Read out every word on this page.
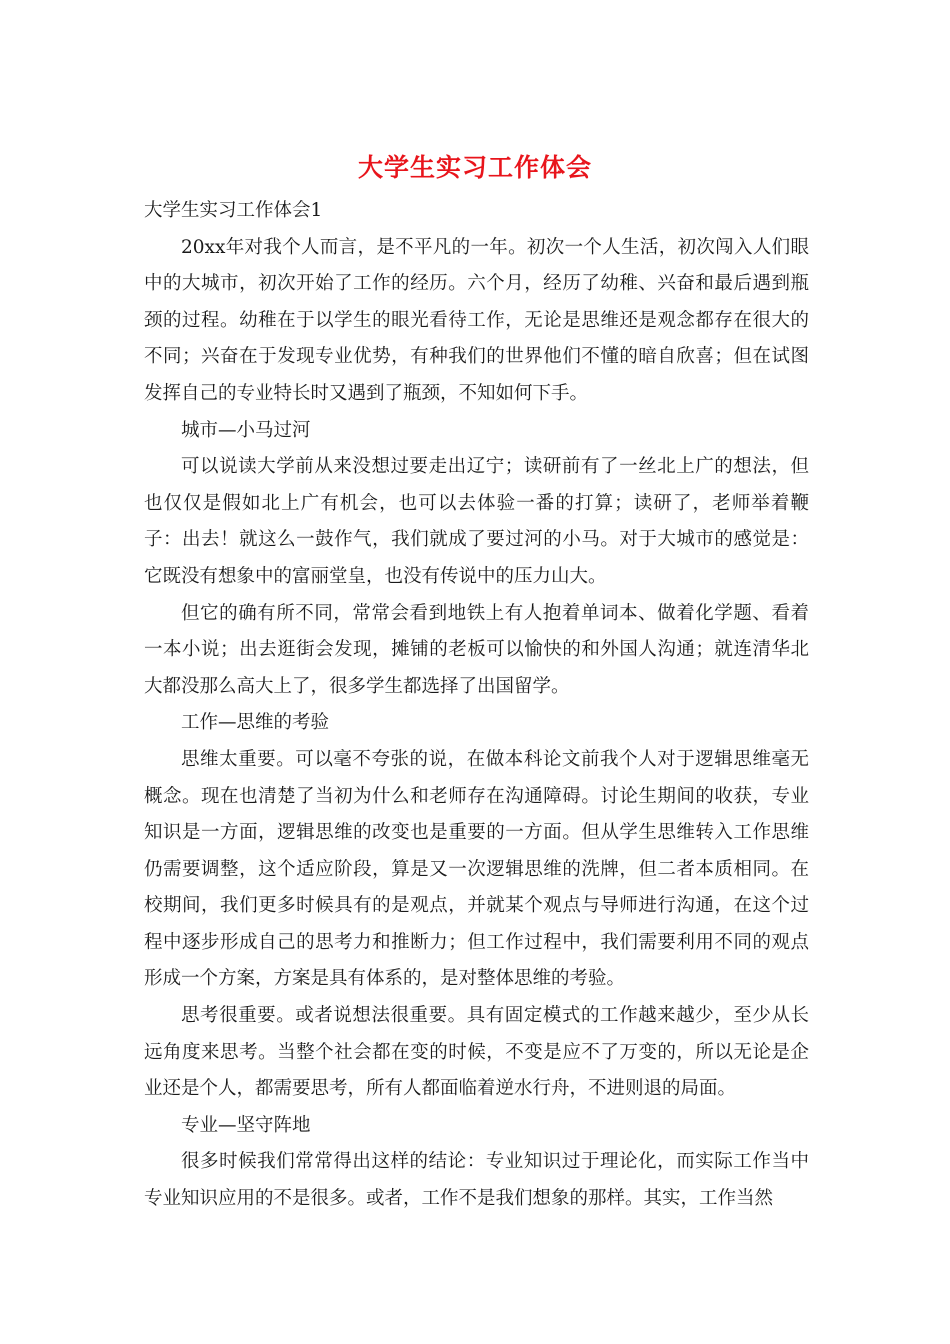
大学生实习工作体会

大学生实习工作体会1

20xx年对我个人而言，是不平凡的一年。初次一个人生活，初次闯入人们眼中的大城市，初次开始了工作的经历。六个月，经历了幼稚、兴奋和最后遇到瓶颈的过程。幼稚在于以学生的眼光看待工作，无论是思维还是观念都存在很大的不同；兴奋在于发现专业优势，有种我们的世界他们不懂的暗自欣喜；但在试图发挥自己的专业特长时又遇到了瓶颈，不知如何下手。

城市—小马过河

可以说读大学前从来没想过要走出辽宁；读研前有了一丝北上广的想法，但也仅仅是假如北上广有机会，也可以去体验一番的打算；读研了，老师举着鞭子：出去！就这么一鼓作气，我们就成了要过河的小马。对于大城市的感觉是：它既没有想象中的富丽堂皇，也没有传说中的压力山大。

但它的确有所不同，常常会看到地铁上有人抱着单词本、做着化学题、看着一本小说；出去逛街会发现，摊铺的老板可以愉快的和外国人沟通；就连清华北大都没那么高大上了，很多学生都选择了出国留学。

工作—思维的考验

思维太重要。可以毫不夸张的说，在做本科论文前我个人对于逻辑思维毫无概念。现在也清楚了当初为什么和老师存在沟通障碍。讨论生期间的收获，专业知识是一方面，逻辑思维的改变也是重要的一方面。但从学生思维转入工作思维仍需要调整，这个适应阶段，算是又一次逻辑思维的洗牌，但二者本质相同。在校期间，我们更多时候具有的是观点，并就某个观点与导师进行沟通，在这个过程中逐步形成自己的思考力和推断力；但工作过程中，我们需要利用不同的观点形成一个方案，方案是具有体系的，是对整体思维的考验。

思考很重要。或者说想法很重要。具有固定模式的工作越来越少，至少从长远角度来思考。当整个社会都在变的时候，不变是应不了万变的，所以无论是企业还是个人，都需要思考，所有人都面临着逆水行舟，不进则退的局面。

专业—坚守阵地

很多时候我们常常得出这样的结论：专业知识过于理论化，而实际工作当中专业知识应用的不是很多。或者，工作不是我们想象的那样。其实，工作当然
